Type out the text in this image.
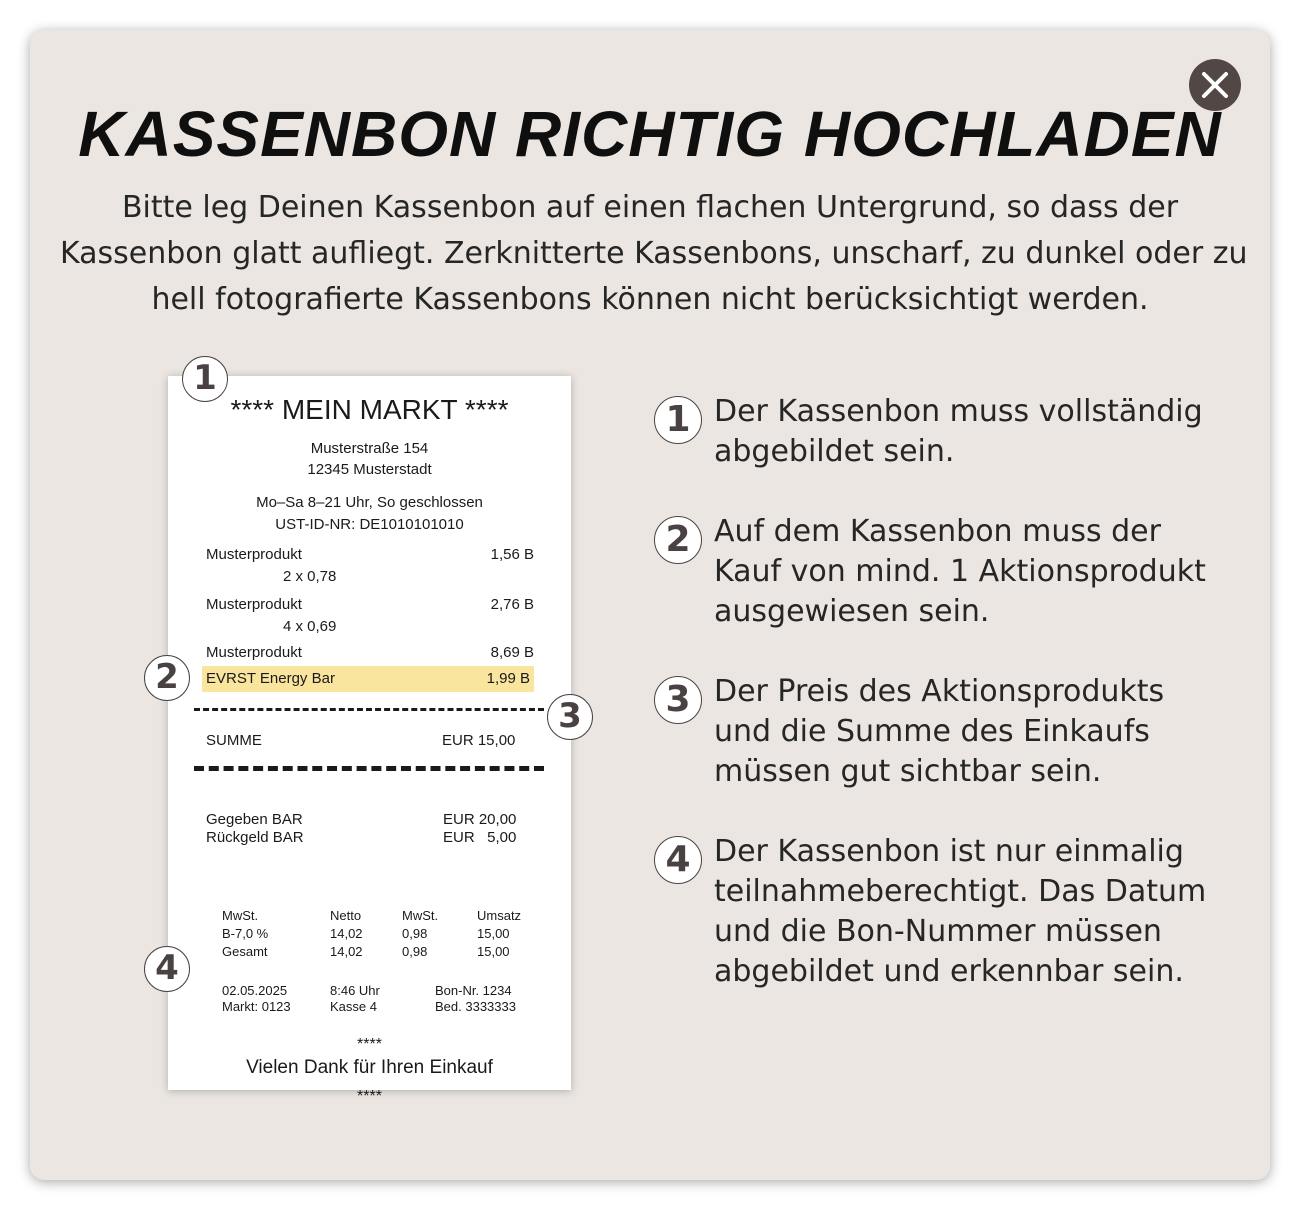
KASSENBON RICHTIG HOCHLADEN

Bitte leg Deinen Kassenbon auf einen flachen Untergrund, so dass der
Kassenbon glatt aufliegt. Zerknitterte Kassenbons, unscharf, zu dunkel oder zu
hell fotografierte Kassenbons können nicht berücksichtigt werden.

**** MEIN MARKT ****
Musterstraße 154
12345 Musterstadt
Mo–Sa 8–21 Uhr, So geschlossen
UST-ID-NR: DE1010101010
Musterprodukt	1,56 B
2 x 0,78
Musterprodukt	2,76 B
4 x 0,69
Musterprodukt	8,69 B
EVRST Energy Bar	1,99 B
SUMME	EUR 15,00
Gegeben BAR	EUR 20,00
Rückgeld BAR	EUR   5,00
MwSt.	Netto	MwSt.	Umsatz
B-7,0 %	14,02	0,98	15,00
Gesamt	14,02	0,98	15,00
02.05.2025	8:46 Uhr	Bon-Nr. 1234
Markt: 0123	Kasse 4	Bed. 3333333
****
Vielen Dank für Ihren Einkauf
****
1
2
3
4
1 Der Kassenbon muss vollständig
abgebildet sein.
2 Auf dem Kassenbon muss der
Kauf von mind. 1 Aktionsprodukt
ausgewiesen sein.
3 Der Preis des Aktionsprodukts
und die Summe des Einkaufs
müssen gut sichtbar sein.
4 Der Kassenbon ist nur einmalig
teilnahmeberechtigt. Das Datum
und die Bon-Nummer müssen
abgebildet und erkennbar sein.
